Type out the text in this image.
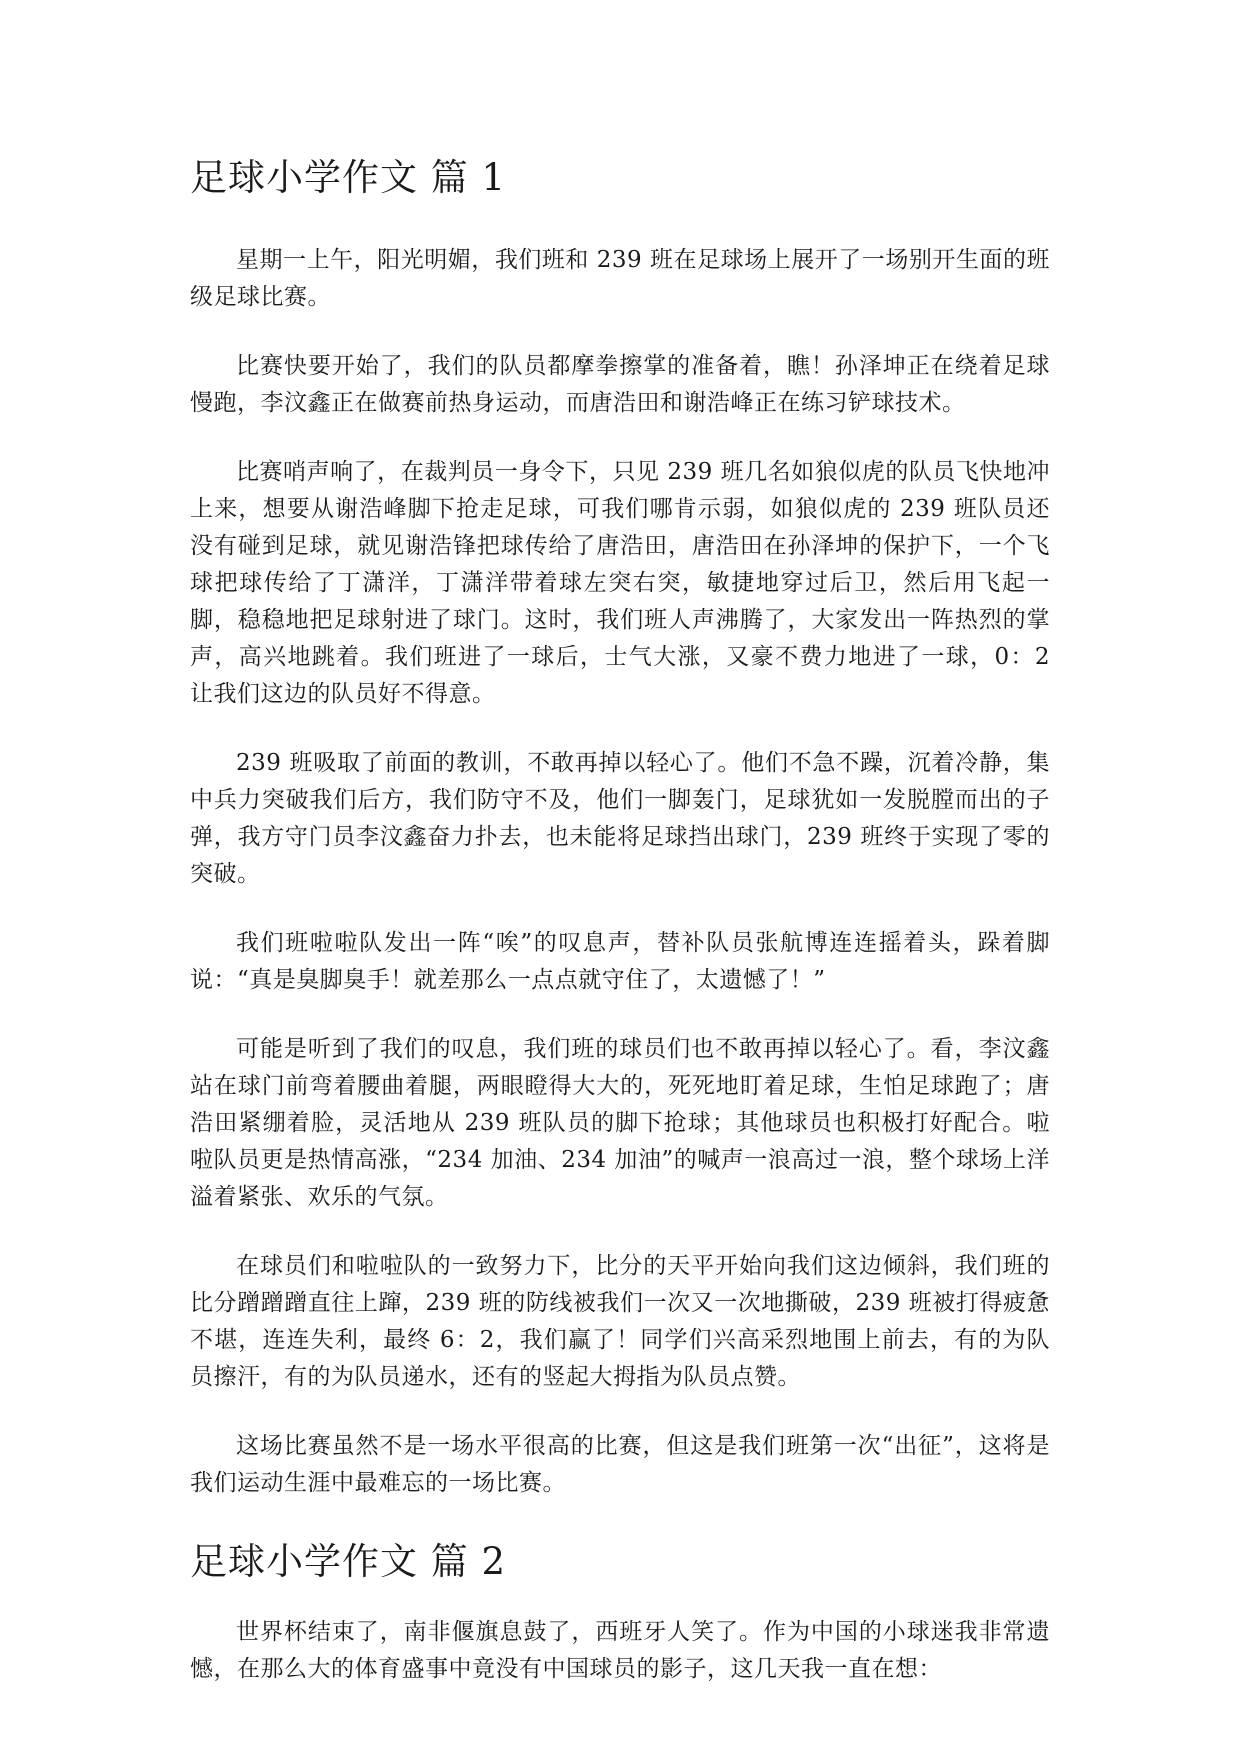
足球小学作文 篇 1

星期一上午，阳光明媚，我们班和 239 班在足球场上展开了一场别开生面的班级足球比赛。

比赛快要开始了，我们的队员都摩拳擦掌的准备着，瞧！孙泽坤正在绕着足球慢跑，李汶鑫正在做赛前热身运动，而唐浩田和谢浩峰正在练习铲球技术。

比赛哨声响了，在裁判员一身令下，只见 239 班几名如狼似虎的队员飞快地冲上来，想要从谢浩峰脚下抢走足球，可我们哪肯示弱，如狼似虎的 239 班队员还没有碰到足球，就见谢浩锋把球传给了唐浩田，唐浩田在孙泽坤的保护下，一个飞球把球传给了丁潇洋，丁潇洋带着球左突右突，敏捷地穿过后卫，然后用飞起一脚，稳稳地把足球射进了球门。这时，我们班人声沸腾了，大家发出一阵热烈的掌声，高兴地跳着。我们班进了一球后，士气大涨，又豪不费力地进了一球，0：2 让我们这边的队员好不得意。

239 班吸取了前面的教训，不敢再掉以轻心了。他们不急不躁，沉着冷静，集中兵力突破我们后方，我们防守不及，他们一脚轰门，足球犹如一发脱膛而出的子弹，我方守门员李汶鑫奋力扑去，也未能将足球挡出球门，239 班终于实现了零的突破。

我们班啦啦队发出一阵“唉”的叹息声，替补队员张航博连连摇着头，跺着脚说：“真是臭脚臭手！就差那么一点点就守住了，太遗憾了！”

可能是听到了我们的叹息，我们班的球员们也不敢再掉以轻心了。看，李汶鑫站在球门前弯着腰曲着腿，两眼瞪得大大的，死死地盯着足球，生怕足球跑了；唐浩田紧绷着脸，灵活地从 239 班队员的脚下抢球；其他球员也积极打好配合。啦啦队员更是热情高涨，“234 加油、234 加油”的喊声一浪高过一浪，整个球场上洋溢着紧张、欢乐的气氛。

在球员们和啦啦队的一致努力下，比分的天平开始向我们这边倾斜，我们班的比分蹭蹭蹭直往上蹿，239 班的防线被我们一次又一次地撕破，239 班被打得疲惫不堪，连连失利，最终 6：2，我们赢了！同学们兴高采烈地围上前去，有的为队员擦汗，有的为队员递水，还有的竖起大拇指为队员点赞。

这场比赛虽然不是一场水平很高的比赛，但这是我们班第一次“出征”，这将是我们运动生涯中最难忘的一场比赛。

足球小学作文 篇 2

世界杯结束了，南非偃旗息鼓了，西班牙人笑了。作为中国的小球迷我非常遗憾，在那么大的体育盛事中竟没有中国球员的影子，这几天我一直在想：
